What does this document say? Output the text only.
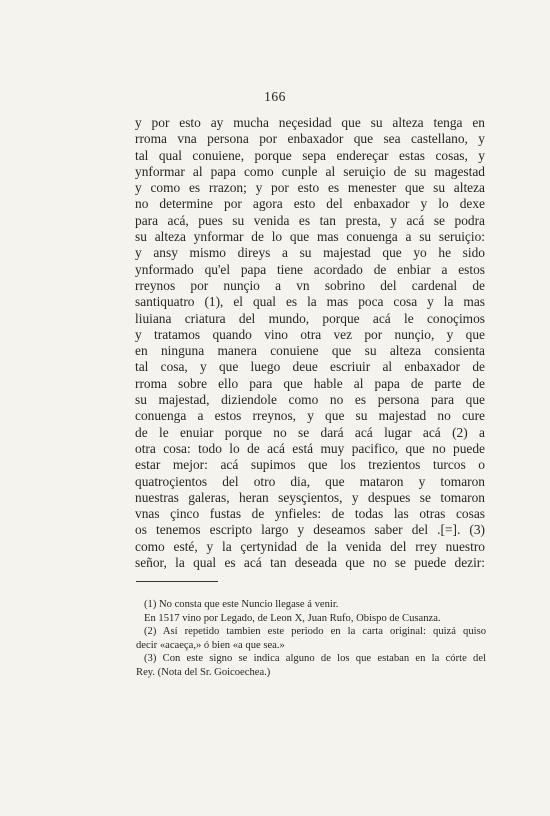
166
y por esto ay mucha neçesidad que su alteza tenga en
rroma vna persona por enbaxador que sea castellano, y
tal qual conuiene, porque sepa endereçar estas cosas, y
ynformar al papa como cunple al seruiçio de su magestad
y como es rrazon; y por esto es menester que su alteza
no determine por agora esto del enbaxador y lo dexe
para acá, pues su venida es tan presta, y acá se podra
su alteza ynformar de lo que mas conuenga a su seruiçio:
y ansy mismo direys a su majestad que yo he sido
ynformado qu'el papa tiene acordado de enbiar a estos
rreynos por nunçio a vn sobrino del cardenal de
santiquatro (1), el qual es la mas poca cosa y la mas
liuiana criatura del mundo, porque acá le conoçimos
y tratamos quando vino otra vez por nunçio, y que
en ninguna manera conuiene que su alteza consienta
tal cosa, y que luego deue escriuir al enbaxador de
rroma sobre ello para que hable al papa de parte de
su majestad, diziendole como no es persona para que
conuenga a estos rreynos, y que su majestad no cure
de le enuiar porque no se dará acá lugar acá (2) a
otra cosa: todo lo de acá está muy pacifico, que no puede
estar mejor: acá supimos que los trezientos turcos o
quatroçientos del otro dia, que mataron y tomaron
nuestras galeras, heran seysçientos, y despues se tomaron
vnas çinco fustas de ynfieles: de todas las otras cosas
os tenemos escripto largo y deseamos saber del .[=]. (3)
como esté, y la çertynidad de la venida del rrey nuestro
señor, la qual es acá tan deseada que no se puede dezir:
(1) No consta que este Nuncio llegase á venir.
En 1517 vino por Legado, de Leon X, Juan Rufo, Obispo de Cusanza.
(2) Así repetido tambien este periodo en la carta original: quizá quiso
decir «acaeça,» ó bien «a que sea.»
(3) Con este signo se indica alguno de los que estaban en la córte del
Rey. (Nota del Sr. Goicoechea.)
